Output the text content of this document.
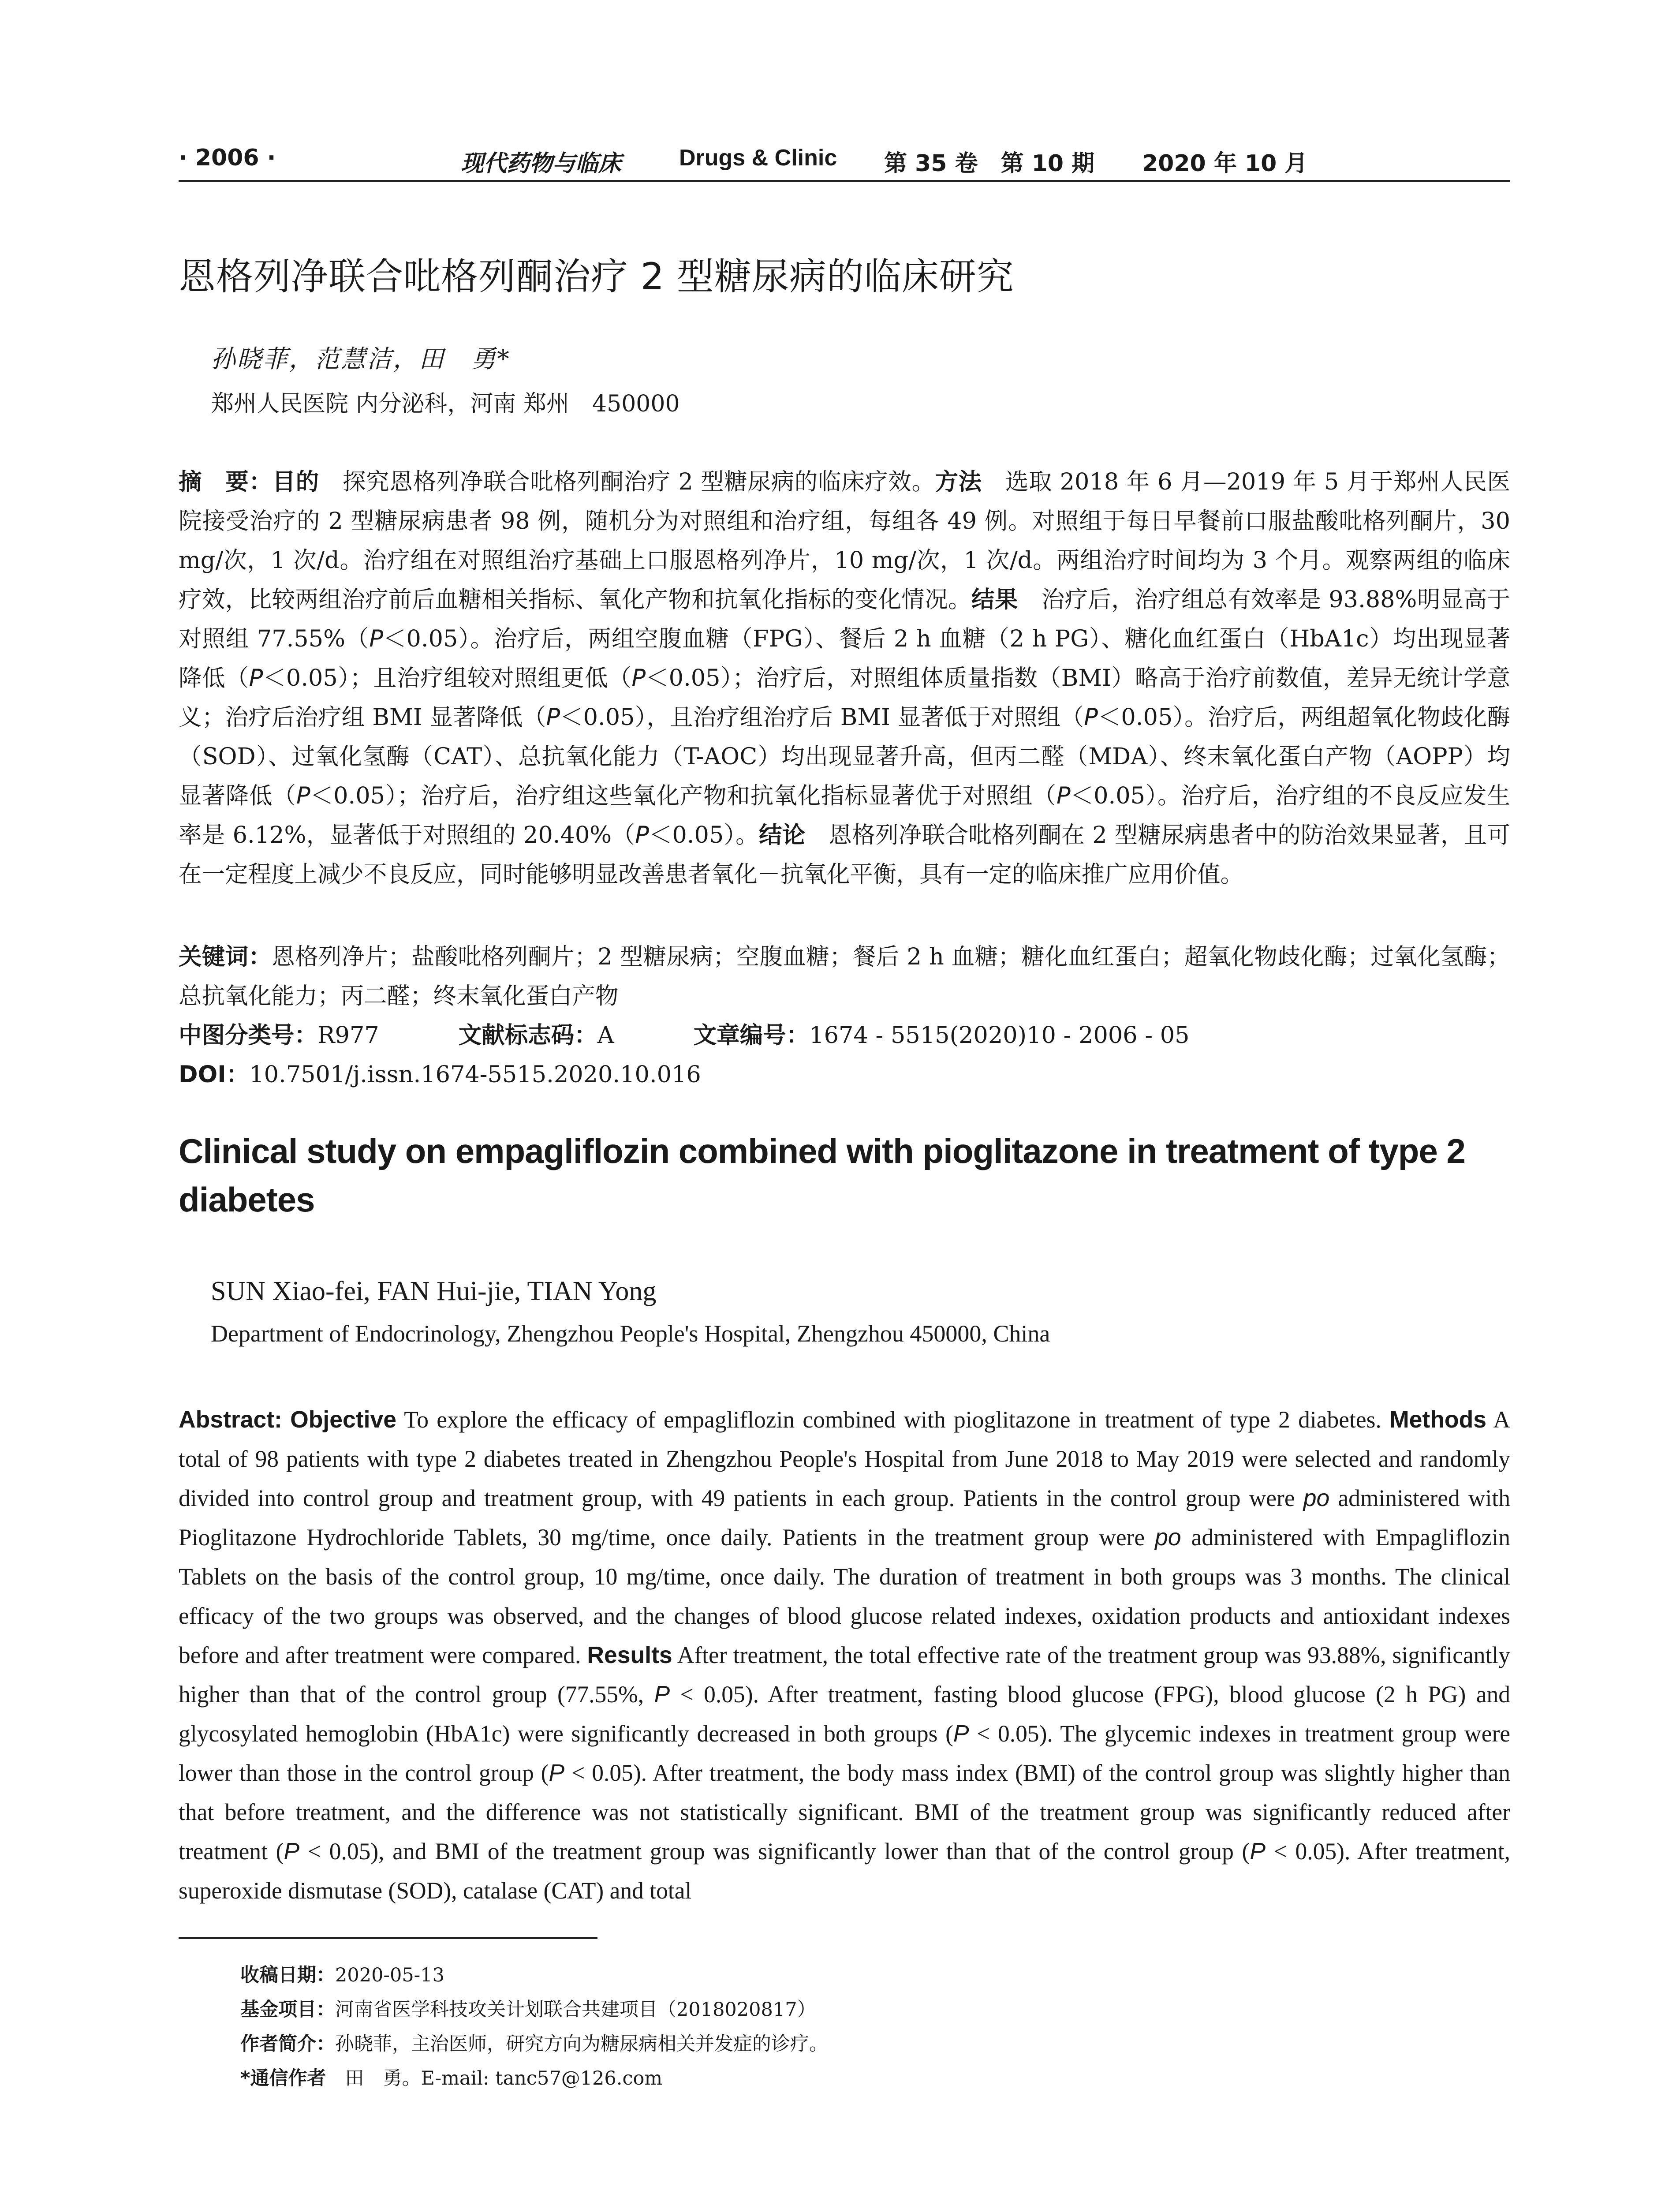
· 2006 ·	现代药物与临床	Drugs & Clinic 第 35 卷　第 10 期 2020 年 10 月
恩格列净联合吡格列酮治疗 2 型糖尿病的临床研究
孙晓菲，范慧洁，田　勇*
郑州人民医院 内分泌科，河南 郑州　450000
摘　要：目的　探究恩格列净联合吡格列酮治疗 2 型糖尿病的临床疗效。方法　选取 2018 年 6 月—2019 年 5 月于郑州人民医院接受治疗的 2 型糖尿病患者 98 例，随机分为对照组和治疗组，每组各 49 例。对照组于每日早餐前口服盐酸吡格列酮片，30 mg/次，1 次/d。治疗组在对照组治疗基础上口服恩格列净片，10 mg/次，1 次/d。两组治疗时间均为 3 个月。观察两组的临床疗效，比较两组治疗前后血糖相关指标、氧化产物和抗氧化指标的变化情况。结果　治疗后，治疗组总有效率是 93.88%明显高于对照组 77.55%（P＜0.05）。治疗后，两组空腹血糖（FPG）、餐后 2 h 血糖（2 h PG）、糖化血红蛋白（HbA1c）均出现显著降低（P＜0.05）；且治疗组较对照组更低（P＜0.05）；治疗后，对照组体质量指数（BMI）略高于治疗前数值，差异无统计学意义；治疗后治疗组 BMI 显著降低（P＜0.05），且治疗组治疗后 BMI 显著低于对照组（P＜0.05）。治疗后，两组超氧化物歧化酶（SOD）、过氧化氢酶（CAT）、总抗氧化能力（T-AOC）均出现显著升高，但丙二醛（MDA）、终末氧化蛋白产物（AOPP）均显著降低（P＜0.05）；治疗后，治疗组这些氧化产物和抗氧化指标显著优于对照组（P＜0.05）。治疗后，治疗组的不良反应发生率是 6.12%，显著低于对照组的 20.40%（P＜0.05）。结论　恩格列净联合吡格列酮在 2 型糖尿病患者中的防治效果显著，且可在一定程度上减少不良反应，同时能够明显改善患者氧化－抗氧化平衡，具有一定的临床推广应用价值。
关键词：恩格列净片；盐酸吡格列酮片；2 型糖尿病；空腹血糖；餐后 2 h 血糖；糖化血红蛋白；超氧化物歧化酶；过氧化氢酶；总抗氧化能力；丙二醛；终末氧化蛋白产物
中图分类号：R977	文献标志码：A	文章编号：1674 - 5515(2020)10 - 2006 - 05
DOI：10.7501/j.issn.1674-5515.2020.10.016
Clinical study on empagliflozin combined with pioglitazone in treatment of type 2 diabetes
SUN Xiao-fei, FAN Hui-jie, TIAN Yong
Department of Endocrinology, Zhengzhou People's Hospital, Zhengzhou 450000, China
Abstract: Objective To explore the efficacy of empagliflozin combined with pioglitazone in treatment of type 2 diabetes. Methods A total of 98 patients with type 2 diabetes treated in Zhengzhou People's Hospital from June 2018 to May 2019 were selected and randomly divided into control group and treatment group, with 49 patients in each group. Patients in the control group were po administered with Pioglitazone Hydrochloride Tablets, 30 mg/time, once daily. Patients in the treatment group were po administered with Empagliflozin Tablets on the basis of the control group, 10 mg/time, once daily. The duration of treatment in both groups was 3 months. The clinical efficacy of the two groups was observed, and the changes of blood glucose related indexes, oxidation products and antioxidant indexes before and after treatment were compared. Results After treatment, the total effective rate of the treatment group was 93.88%, significantly higher than that of the control group (77.55%, P < 0.05). After treatment, fasting blood glucose (FPG), blood glucose (2 h PG) and glycosylated hemoglobin (HbA1c) were significantly decreased in both groups (P < 0.05). The glycemic indexes in treatment group were lower than those in the control group (P < 0.05). After treatment, the body mass index (BMI) of the control group was slightly higher than that before treatment, and the difference was not statistically significant. BMI of the treatment group was significantly reduced after treatment (P < 0.05), and BMI of the treatment group was significantly lower than that of the control group (P < 0.05). After treatment, superoxide dismutase (SOD), catalase (CAT) and total
收稿日期：2020-05-13
基金项目：河南省医学科技攻关计划联合共建项目（2018020817）
作者简介：孙晓菲，主治医师，研究方向为糖尿病相关并发症的诊疗。
*通信作者　田　勇。E-mail: tanc57@126.com
